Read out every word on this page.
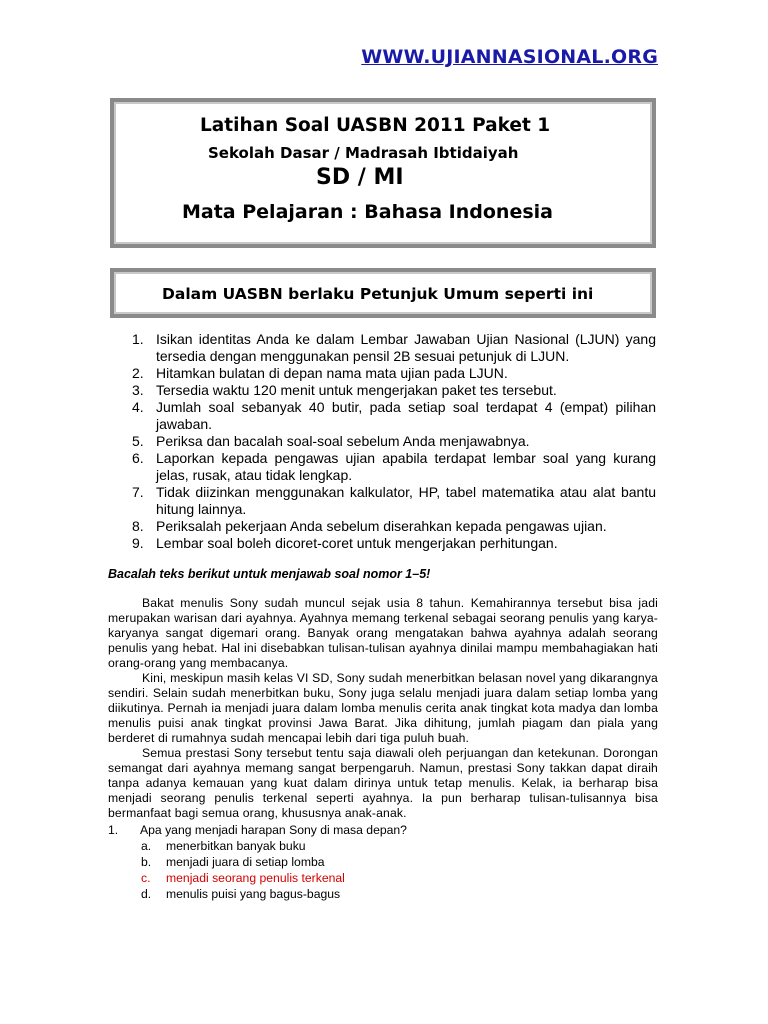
WWW.UJIANNASIONAL.ORG
Latihan Soal UASBN 2011 Paket 1
Sekolah Dasar / Madrasah Ibtidaiyah
SD / MI
Mata Pelajaran : Bahasa Indonesia
Dalam UASBN berlaku Petunjuk Umum seperti ini
1. Isikan identitas Anda ke dalam Lembar Jawaban Ujian Nasional (LJUN) yang tersedia dengan menggunakan pensil 2B sesuai petunjuk di LJUN.
2. Hitamkan bulatan di depan nama mata ujian pada LJUN.
3. Tersedia waktu 120 menit untuk mengerjakan paket tes tersebut.
4. Jumlah soal sebanyak 40 butir, pada setiap soal terdapat 4 (empat) pilihan jawaban.
5. Periksa dan bacalah soal-soal sebelum Anda menjawabnya.
6. Laporkan kepada pengawas ujian apabila terdapat lembar soal yang kurang jelas, rusak, atau tidak lengkap.
7. Tidak diizinkan menggunakan kalkulator, HP, tabel matematika atau alat bantu hitung lainnya.
8. Periksalah pekerjaan Anda sebelum diserahkan kepada pengawas ujian.
9. Lembar soal boleh dicoret-coret untuk mengerjakan perhitungan.
Bacalah teks berikut untuk menjawab soal nomor 1–5!

Bakat menulis Sony sudah muncul sejak usia 8 tahun. Kemahirannya tersebut bisa jadi merupakan warisan dari ayahnya. Ayahnya memang terkenal sebagai seorang penulis yang karya-karyanya sangat digemari orang. Banyak orang mengatakan bahwa ayahnya adalah seorang penulis yang hebat. Hal ini disebabkan tulisan-tulisan ayahnya dinilai mampu membahagiakan hati orang-orang yang membacanya.

Kini, meskipun masih kelas VI SD, Sony sudah menerbitkan belasan novel yang dikarangnya sendiri. Selain sudah menerbitkan buku, Sony juga selalu menjadi juara dalam setiap lomba yang diikutinya. Pernah ia menjadi juara dalam lomba menulis cerita anak tingkat kota madya dan lomba menulis puisi anak tingkat provinsi Jawa Barat. Jika dihitung, jumlah piagam dan piala yang berderet di rumahnya sudah mencapai lebih dari tiga puluh buah.

Semua prestasi Sony tersebut tentu saja diawali oleh perjuangan dan ketekunan. Dorongan semangat dari ayahnya memang sangat berpengaruh. Namun, prestasi Sony takkan dapat diraih tanpa adanya kemauan yang kuat dalam dirinya untuk tetap menulis. Kelak, ia berharap bisa menjadi seorang penulis terkenal seperti ayahnya. Ia pun berharap tulisan-tulisannya bisa bermanfaat bagi semua orang, khususnya anak-anak.

1. Apa yang menjadi harapan Sony di masa depan?
a. menerbitkan banyak buku
b. menjadi juara di setiap lomba
c. menjadi seorang penulis terkenal
d. menulis puisi yang bagus-bagus
